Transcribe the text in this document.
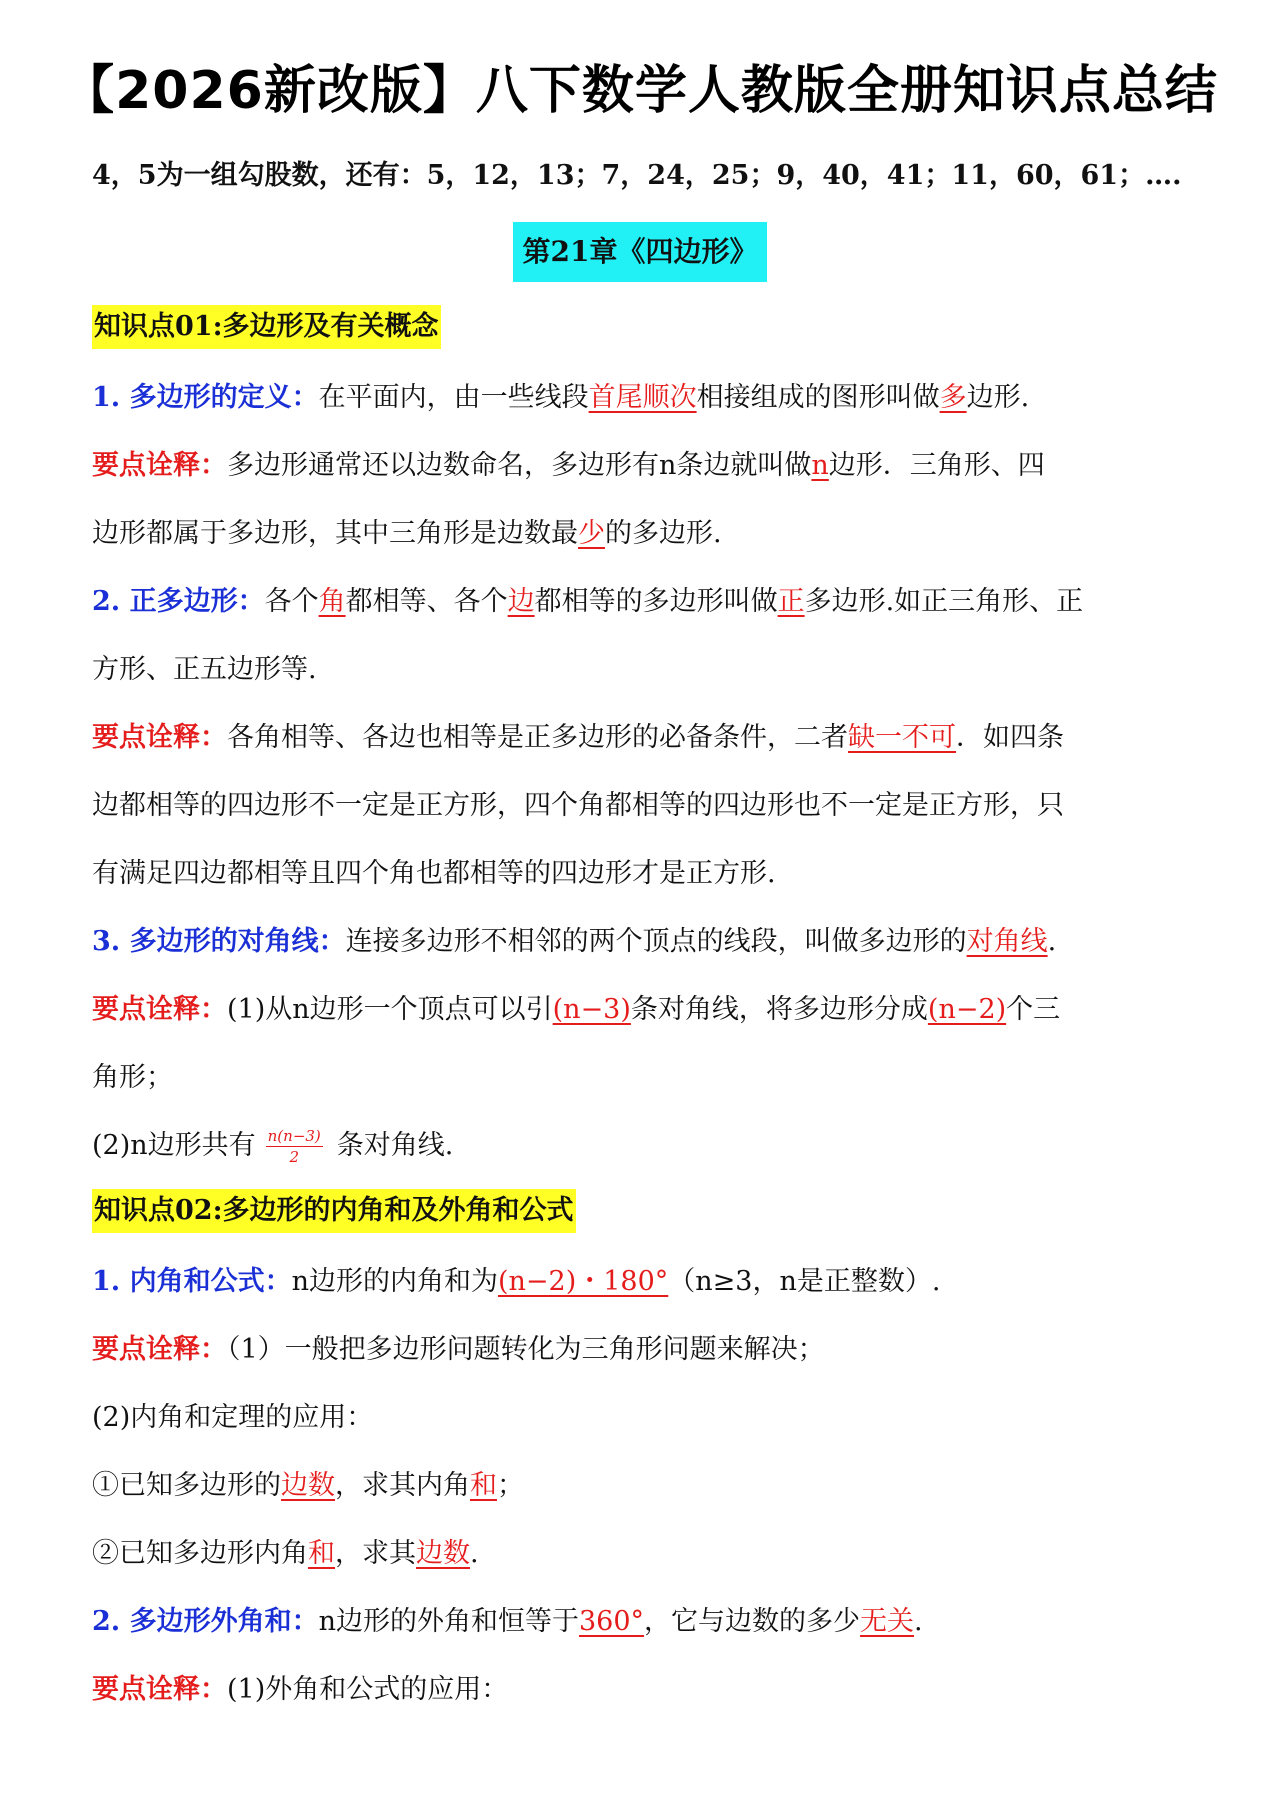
【2026新改版】八下数学人教版全册知识点总结
4，5为一组勾股数，还有：5，12，13；7，24，25；9，40，41；11，60，61；….
第21章《四边形》
知识点01:多边形及有关概念
1. 多边形的定义：在平面内，由一些线段首尾顺次相接组成的图形叫做多边形.
要点诠释：多边形通常还以边数命名，多边形有n条边就叫做n边形．三角形、四
边形都属于多边形，其中三角形是边数最少的多边形.
2. 正多边形：各个角都相等、各个边都相等的多边形叫做正多边形.如正三角形、正
方形、正五边形等.
要点诠释：各角相等、各边也相等是正多边形的必备条件，二者缺一不可．如四条
边都相等的四边形不一定是正方形，四个角都相等的四边形也不一定是正方形，只
有满足四边都相等且四个角也都相等的四边形才是正方形.
3. 多边形的对角线：连接多边形不相邻的两个顶点的线段，叫做多边形的对角线.
要点诠释：(1)从n边形一个顶点可以引(n−3)条对角线，将多边形分成(n−2)个三
角形；
(2)n边形共有 $\frac{n(n-3)}{2}$ 条对角线.
知识点02:多边形的内角和及外角和公式
1. 内角和公式：n边形的内角和为(n−2)・180°（n≥3，n是正整数）.
要点诠释：（1）一般把多边形问题转化为三角形问题来解决；
(2)内角和定理的应用：
①已知多边形的边数，求其内角和；
②已知多边形内角和，求其边数.
2. 多边形外角和：n边形的外角和恒等于360°，它与边数的多少无关.
要点诠释：(1)外角和公式的应用：
